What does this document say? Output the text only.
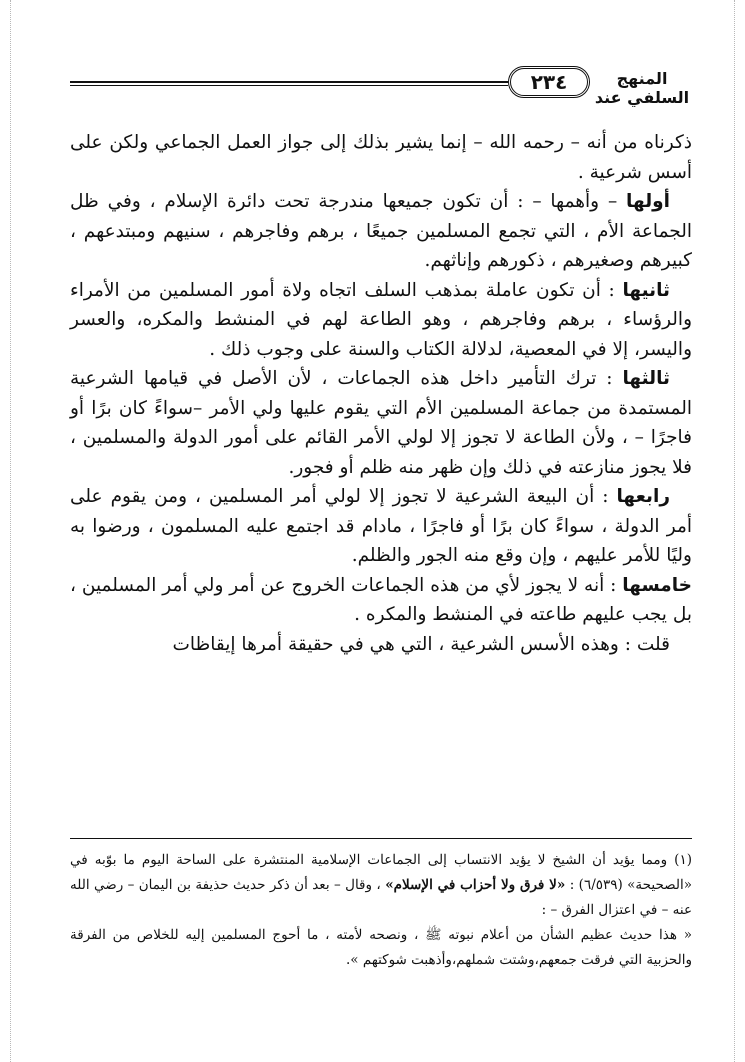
٢٣٤	المنهج السلفي عند

ذكرناه من أنه – رحمه الله – إنما يشير بذلك إلى جواز العمل الجماعي ولكن على أسس شرعية .

أولها – وأهمها – : أن تكون جميعها مندرجة تحت دائرة الإسلام ، وفي ظل الجماعة الأم ، التي تجمع المسلمين جميعًا ، برهم وفاجرهم ، سنيهم ومبتدعهم ، كبيرهم وصغيرهم ، ذكورهم وإناثهم.

ثانيها : أن تكون عاملة بمذهب السلف اتجاه ولاة أمور المسلمين من الأمراء والرؤساء ، برهم وفاجرهم ، وهو الطاعة لهم في المنشط والمكره، والعسر واليسر، إلا في المعصية، لدلالة الكتاب والسنة على وجوب ذلك .

ثالثها : ترك التأمير داخل هذه الجماعات ، لأن الأصل في قيامها الشرعية المستمدة من جماعة المسلمين الأم التي يقوم عليها ولي الأمر –سواءً كان برًا أو فاجرًا – ، ولأن الطاعة لا تجوز إلا لولي الأمر القائم على أمور الدولة والمسلمين ، فلا يجوز منازعته في ذلك وإن ظهر منه ظلم أو فجور.

رابعها : أن البيعة الشرعية لا تجوز إلا لولي أمر المسلمين ، ومن يقوم على أمر الدولة ، سواءً كان برًا أو فاجرًا ، مادام قد اجتمع عليه المسلمون ، ورضوا به وليًا للأمر عليهم ، وإن وقع منه الجور والظلم.

خامسها : أنه لا يجوز لأي من هذه الجماعات الخروج عن أمر ولي أمر المسلمين ، بل يجب عليهم طاعته في المنشط والمكره .

قلت : وهذه الأسس الشرعية ، التي هي في حقيقة أمرها إيقاظات

(١) ومما يؤيد أن الشيخ لا يؤيد الانتساب إلى الجماعات الإسلامية المنتشرة على الساحة اليوم ما بوّبه في «الصحيحة» (٦/٥٣٩) : «لا فرق ولا أحزاب في الإسلام» ، وقال – بعد أن ذكر حديث حذيفة بن اليمان – رضي الله عنه – في اعتزال الفرق – :

« هذا حديث عظيم الشأن من أعلام نبوته ﷺ ، ونصحه لأمته ، ما أحوج المسلمين إليه للخلاص من الفرقة والحزبية التي فرقت جمعهم،وشتت شملهم،وأذهبت شوكتهم ».
